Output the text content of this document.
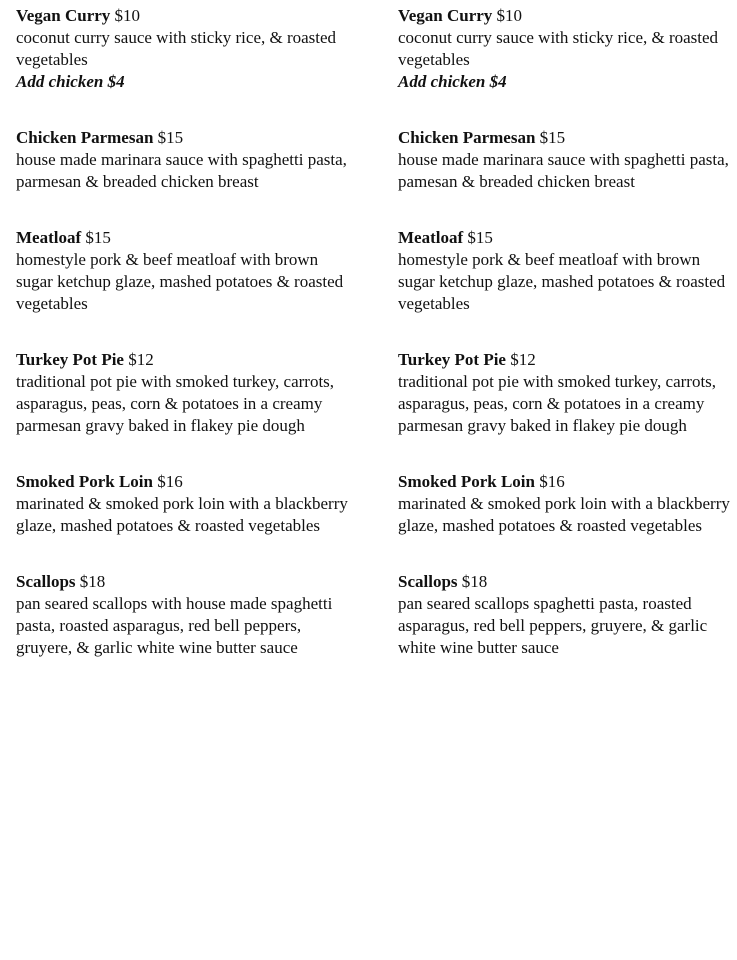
Vegan Curry $10

coconut curry sauce with sticky rice, & roasted vegetables

Add chicken $4

Chicken Parmesan $15

house made marinara sauce with spaghetti pasta, parmesan & breaded chicken breast

Meatloaf $15

homestyle pork & beef meatloaf with brown sugar ketchup glaze, mashed potatoes & roasted vegetables

Turkey Pot Pie $12

traditional pot pie with smoked turkey, carrots, asparagus, peas, corn & potatoes in a creamy parmesan gravy baked in flakey pie dough

Smoked Pork Loin $16

marinated & smoked pork loin with a blackberry glaze, mashed potatoes & roasted vegetables

Scallops $18

pan seared scallops with house made spaghetti pasta, roasted asparagus, red bell peppers, gruyere, & garlic white wine butter sauce

Vegan Curry $10

coconut curry sauce with sticky rice, & roasted vegetables

Add chicken $4

Chicken Parmesan $15

house made marinara sauce with spaghetti pasta, pamesan & breaded chicken breast

Meatloaf $15

homestyle pork & beef meatloaf with brown sugar ketchup glaze, mashed potatoes & roasted vegetables

Turkey Pot Pie $12

traditional pot pie with smoked turkey, carrots, asparagus, peas, corn & potatoes in a creamy parmesan gravy baked in flakey pie dough

Smoked Pork Loin $16

marinated & smoked pork loin with a blackberry glaze, mashed potatoes & roasted vegetables

Scallops $18

pan seared scallops spaghetti pasta, roasted asparagus, red bell peppers, gruyere, & garlic white wine butter sauce
